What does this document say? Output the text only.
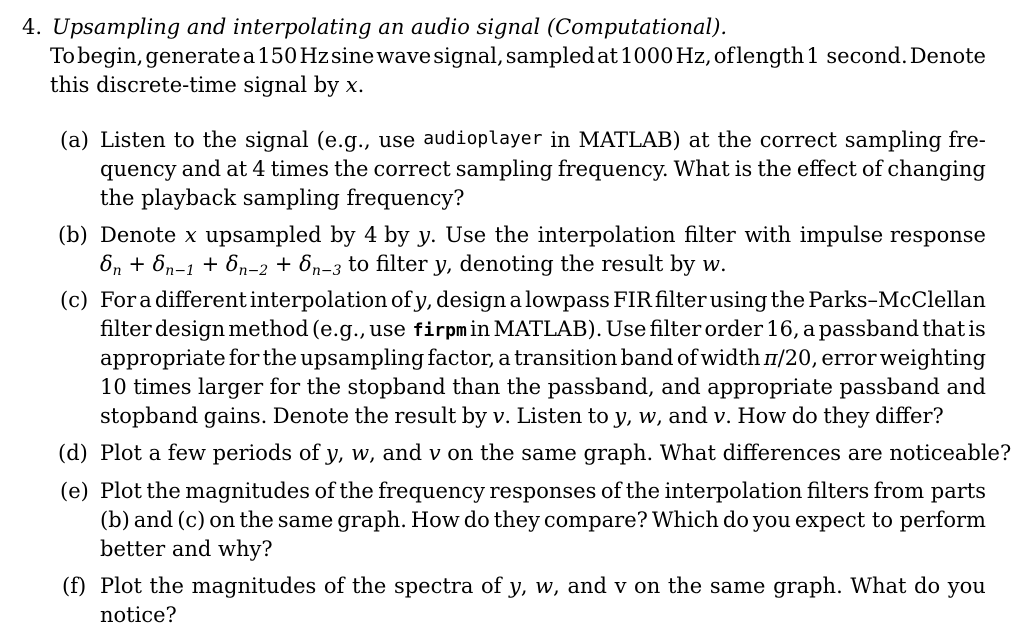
4. Upsampling and interpolating an audio signal (Computational).
To begin, generate a 150 Hz sine wave signal, sampled at 1000 Hz, of length 1 second. Denote
this discrete-time signal by x.
(a) Listen to the signal (e.g., use audioplayer in MATLAB) at the correct sampling fre-
quency and at 4 times the correct sampling frequency. What is the effect of changing
the playback sampling frequency?
(b) Denote x upsampled by 4 by y. Use the interpolation filter with impulse response
$\delta_n + \delta_{n-1} + \delta_{n-2} + \delta_{n-3}$ to filter y, denoting the result by w.
(c) For a different interpolation of y, design a lowpass FIR filter using the Parks–McClellan
filter design method (e.g., use firpm in MATLAB). Use filter order 16, a passband that is
appropriate for the upsampling factor, a transition band of width π/20, error weighting
10 times larger for the stopband than the passband, and appropriate passband and
stopband gains. Denote the result by v. Listen to y, w, and v. How do they differ?
(d) Plot a few periods of y, w, and v on the same graph. What differences are noticeable?
(e) Plot the magnitudes of the frequency responses of the interpolation filters from parts
(b) and (c) on the same graph. How do they compare? Which do you expect to perform
better and why?
(f) Plot the magnitudes of the spectra of y, w, and v on the same graph. What do you
notice?
